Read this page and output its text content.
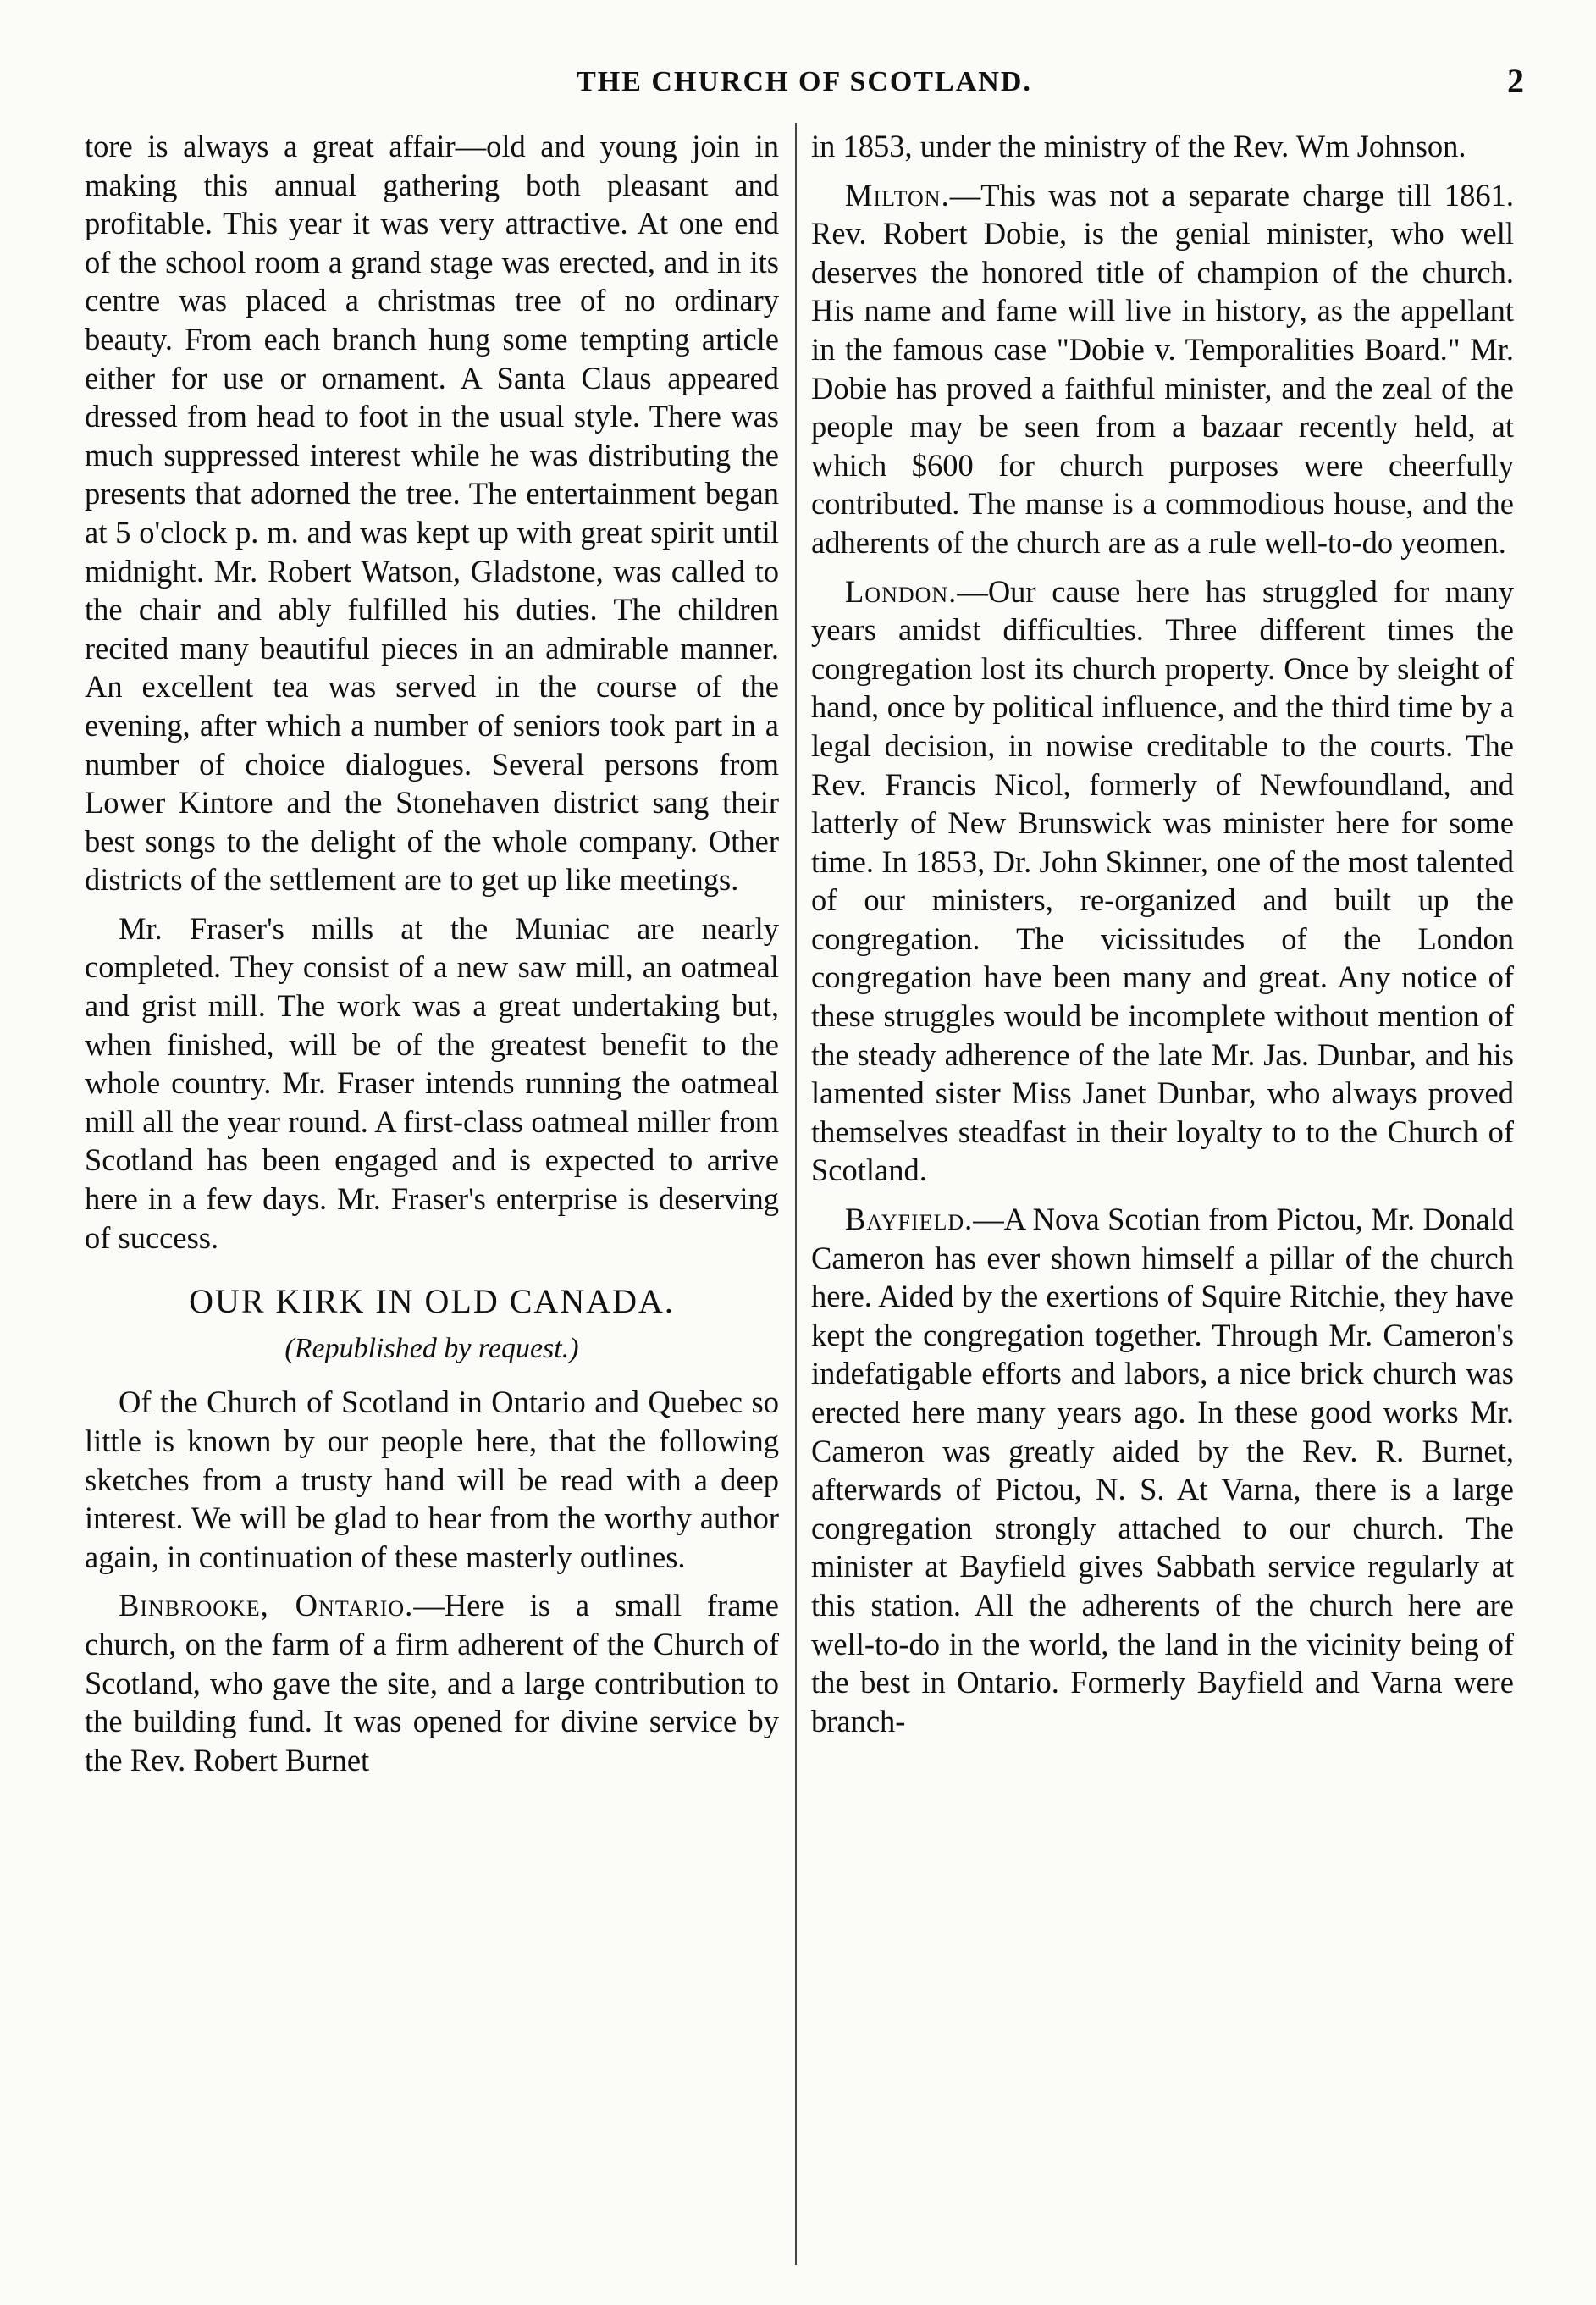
THE CHURCH OF SCOTLAND.	2

tore is always a great affair—old and young join in making this annual gathering both pleasant and profitable. This year it was very attractive. At one end of the school room a grand stage was erected, and in its centre was placed a christmas tree of no ordinary beauty. From each branch hung some tempting article either for use or ornament. A Santa Claus appeared dressed from head to foot in the usual style. There was much suppressed interest while he was distributing the presents that adorned the tree. The entertainment began at 5 o'clock p. m. and was kept up with great spirit until midnight. Mr. Robert Watson, Gladstone, was called to the chair and ably fulfilled his duties. The children recited many beautiful pieces in an admirable manner. An excellent tea was served in the course of the evening, after which a number of seniors took part in a number of choice dialogues. Several persons from Lower Kintore and the Stonehaven district sang their best songs to the delight of the whole company. Other districts of the settlement are to get up like meetings.

Mr. Fraser's mills at the Muniac are nearly completed. They consist of a new saw mill, an oatmeal and grist mill. The work was a great undertaking but, when finished, will be of the greatest benefit to the whole country. Mr. Fraser intends running the oatmeal mill all the year round. A first-class oatmeal miller from Scotland has been engaged and is expected to arrive here in a few days. Mr. Fraser's enterprise is deserving of success.

OUR KIRK IN OLD CANADA.
(Republished by request.)

Of the Church of Scotland in Ontario and Quebec so little is known by our people here, that the following sketches from a trusty hand will be read with a deep interest. We will be glad to hear from the worthy author again, in continuation of these masterly outlines.

Binbrooke, Ontario.—Here is a small frame church, on the farm of a firm adherent of the Church of Scotland, who gave the site, and a large contribution to the building fund. It was opened for divine service by the Rev. Robert Burnet

in 1853, under the ministry of the Rev. Wm Johnson.

Milton.—This was not a separate charge till 1861. Rev. Robert Dobie, is the genial minister, who well deserves the honored title of champion of the church. His name and fame will live in history, as the appellant in the famous case "Dobie v. Temporalities Board." Mr. Dobie has proved a faithful minister, and the zeal of the people may be seen from a bazaar recently held, at which $600 for church purposes were cheerfully contributed. The manse is a commodious house, and the adherents of the church are as a rule well-to-do yeomen.

London.—Our cause here has struggled for many years amidst difficulties. Three different times the congregation lost its church property. Once by sleight of hand, once by political influence, and the third time by a legal decision, in nowise creditable to the courts. The Rev. Francis Nicol, formerly of Newfoundland, and latterly of New Brunswick was minister here for some time. In 1853, Dr. John Skinner, one of the most talented of our ministers, re-organized and built up the congregation. The vicissitudes of the London congregation have been many and great. Any notice of these struggles would be incomplete without mention of the steady adherence of the late Mr. Jas. Dunbar, and his lamented sister Miss Janet Dunbar, who always proved themselves steadfast in their loyalty to to the Church of Scotland.

Bayfield.—A Nova Scotian from Pictou, Mr. Donald Cameron has ever shown himself a pillar of the church here. Aided by the exertions of Squire Ritchie, they have kept the congregation together. Through Mr. Cameron's indefatigable efforts and labors, a nice brick church was erected here many years ago. In these good works Mr. Cameron was greatly aided by the Rev. R. Burnet, afterwards of Pictou, N. S. At Varna, there is a large congregation strongly attached to our church. The minister at Bayfield gives Sabbath service regularly at this station. All the adherents of the church here are well-to-do in the world, the land in the vicinity being of the best in Ontario. Formerly Bayfield and Varna were branch-
